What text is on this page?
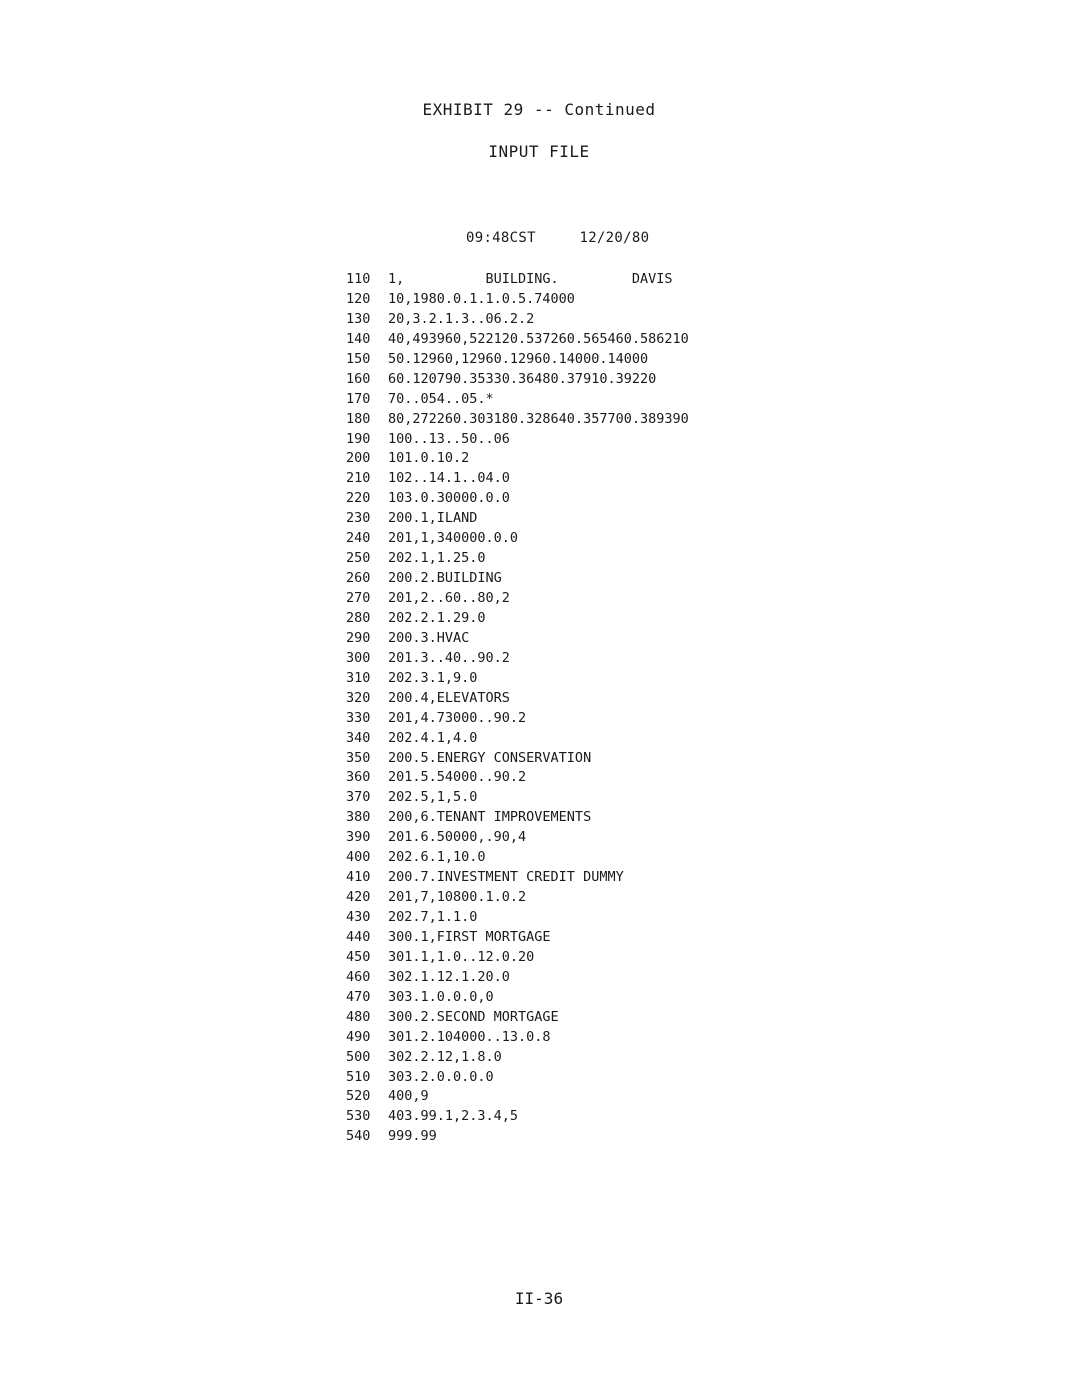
EXHIBIT 29 -- Continued
INPUT FILE
09:48CST     12/20/80
110 1,          BUILDING.         DAVIS
120 10,1980.0.1.1.0.5.74000
130 20,3.2.1.3..06.2.2
140 40,493960,522120.537260.565460.586210
150 50.12960,12960.12960.14000.14000
160 60.120790.35330.36480.37910.39220
170 70..054..05.*
180 80,272260.303180.328640.357700.389390
190 100..13..50..06
200 101.0.10.2
210 102..14.1..04.0
220 103.0.30000.0.0
230 200.1,ILAND
240 201,1,340000.0.0
250 202.1,1.25.0
260 200.2.BUILDING
270 201,2..60..80,2
280 202.2.1.29.0
290 200.3.HVAC
300 201.3..40..90.2
310 202.3.1,9.0
320 200.4,ELEVATORS
330 201,4.73000..90.2
340 202.4.1,4.0
350 200.5.ENERGY CONSERVATION
360 201.5.54000..90.2
370 202.5,1,5.0
380 200,6.TENANT IMPROVEMENTS
390 201.6.50000,.90,4
400 202.6.1,10.0
410 200.7.INVESTMENT CREDIT DUMMY
420 201,7,10800.1.0.2
430 202.7,1.1.0
440 300.1,FIRST MORTGAGE
450 301.1,1.0..12.0.20
460 302.1.12.1.20.0
470 303.1.0.0.0,0
480 300.2.SECOND MORTGAGE
490 301.2.104000..13.0.8
500 302.2.12,1.8.0
510 303.2.0.0.0.0
520 400,9
530 403.99.1,2.3.4,5
540 999.99
II-36
